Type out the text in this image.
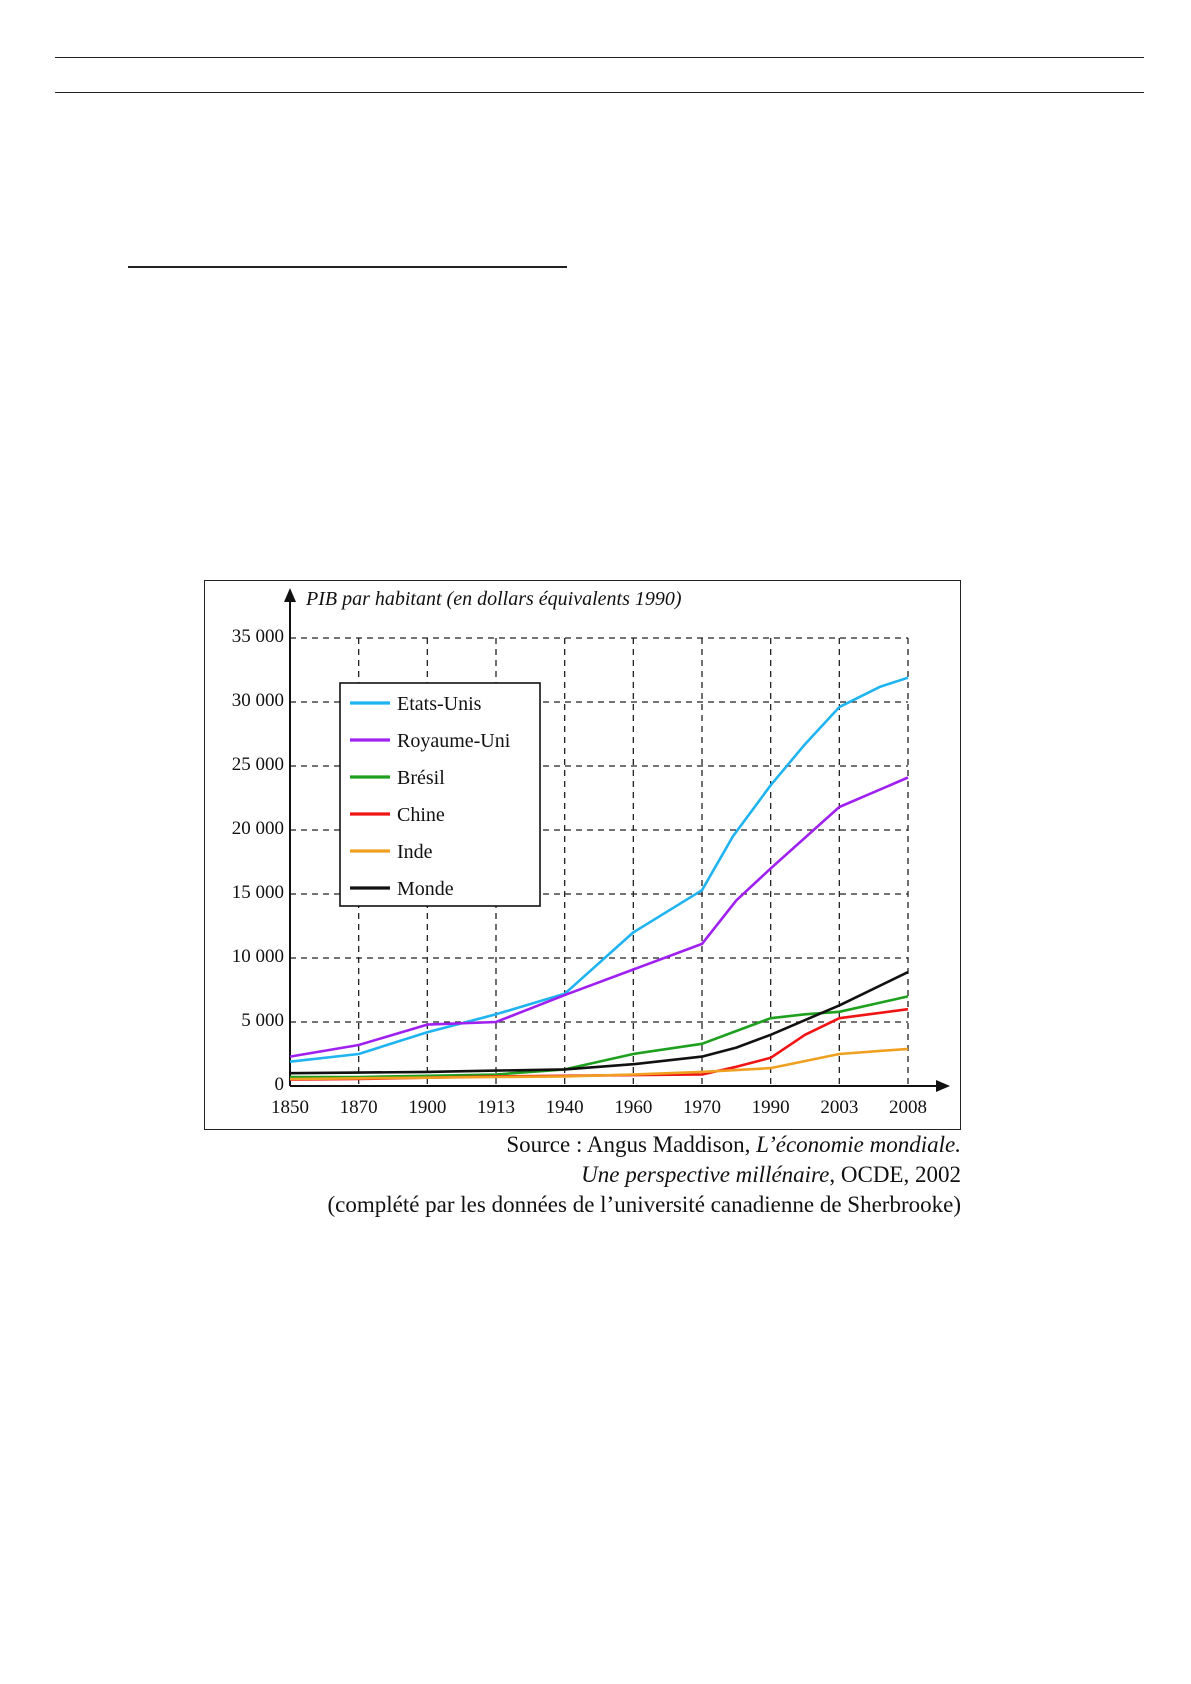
PIB par habitant (en dollars équivalents 1990)
0
5 000
10 000
15 000
20 000
25 000
30 000
35 000
1850 1870 1900 1913 1940 1960 1970 1990 2003 2008
Etats-Unis
Royaume-Uni
Brésil
Chine
Inde
Monde
Source : Angus Maddison, L’économie mondiale.
Une perspective millénaire, OCDE, 2002
(complété par les données de l’université canadienne de Sherbrooke)
